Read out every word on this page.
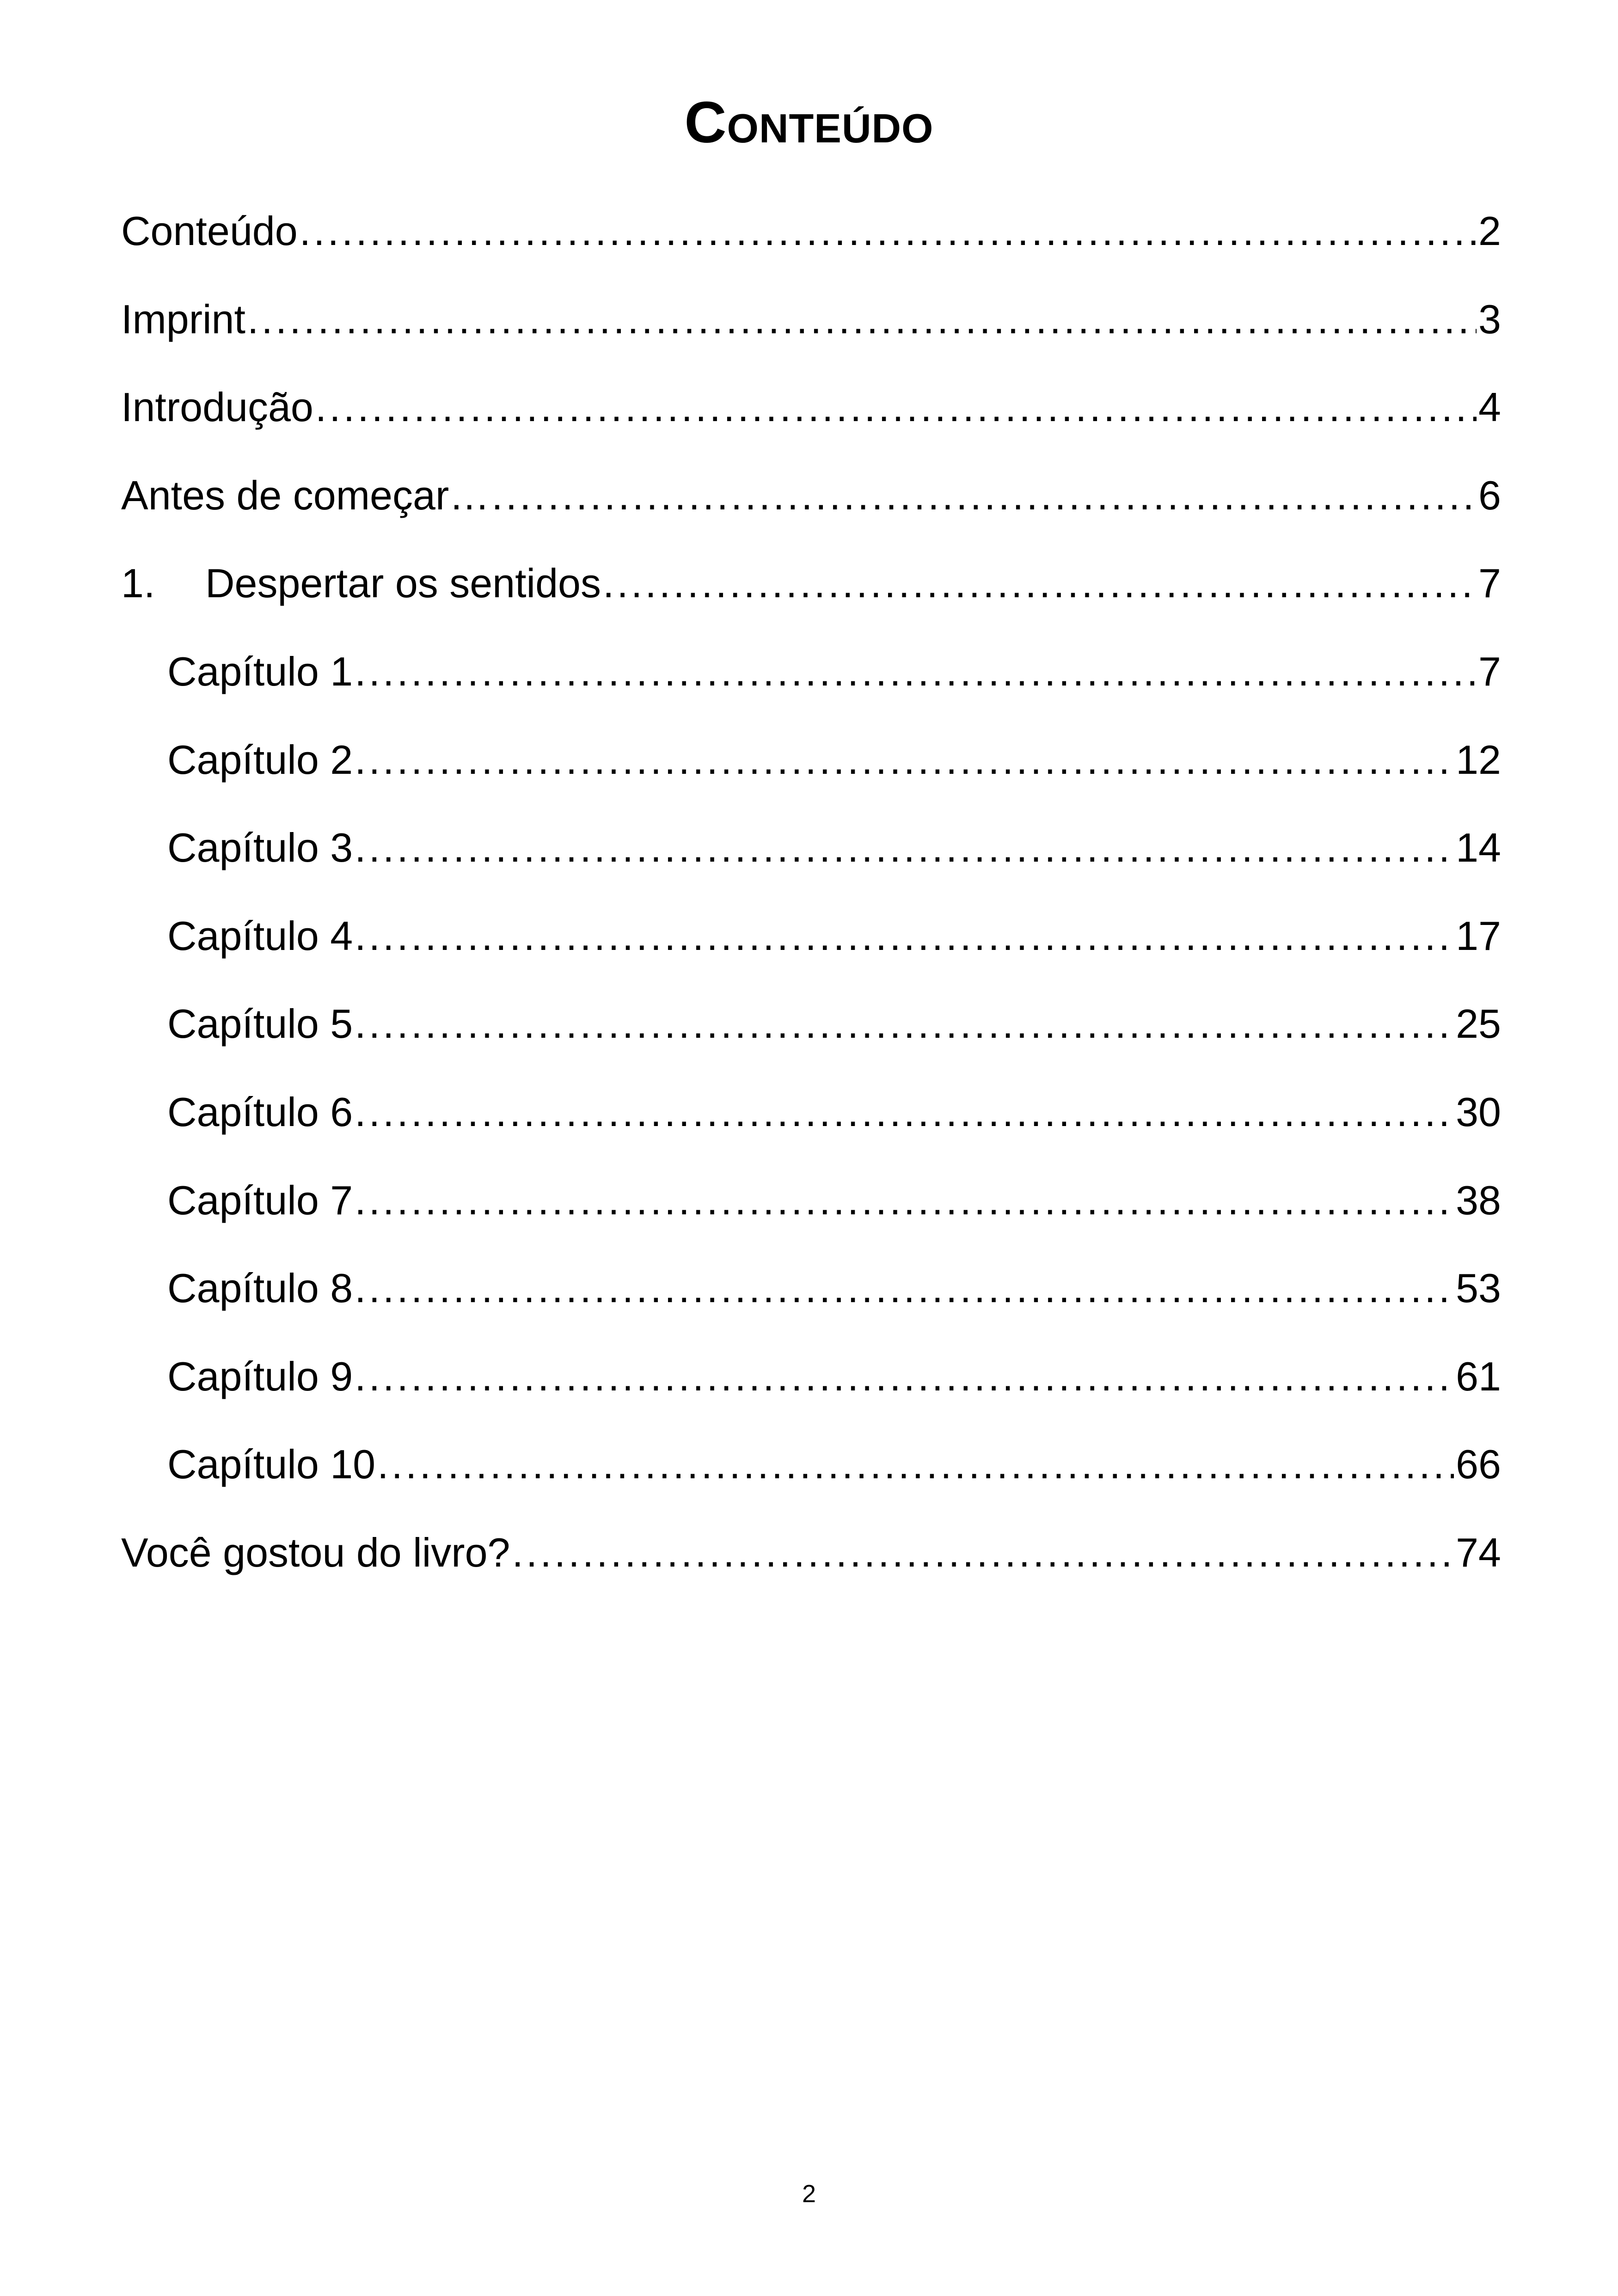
Conteúdo
Conteúdo .....	2
Imprint .....	3
Introdução .....	4
Antes de começar… .....	6
1.	Despertar os sentidos .....	7
Capítulo 1 .....	7
Capítulo 2 .....	12
Capítulo 3 .....	14
Capítulo 4 .....	17
Capítulo 5 .....	25
Capítulo 6 .....	30
Capítulo 7 .....	38
Capítulo 8 .....	53
Capítulo 9 .....	61
Capítulo 10 .....	66
Você gostou do livro? .....	74
2
